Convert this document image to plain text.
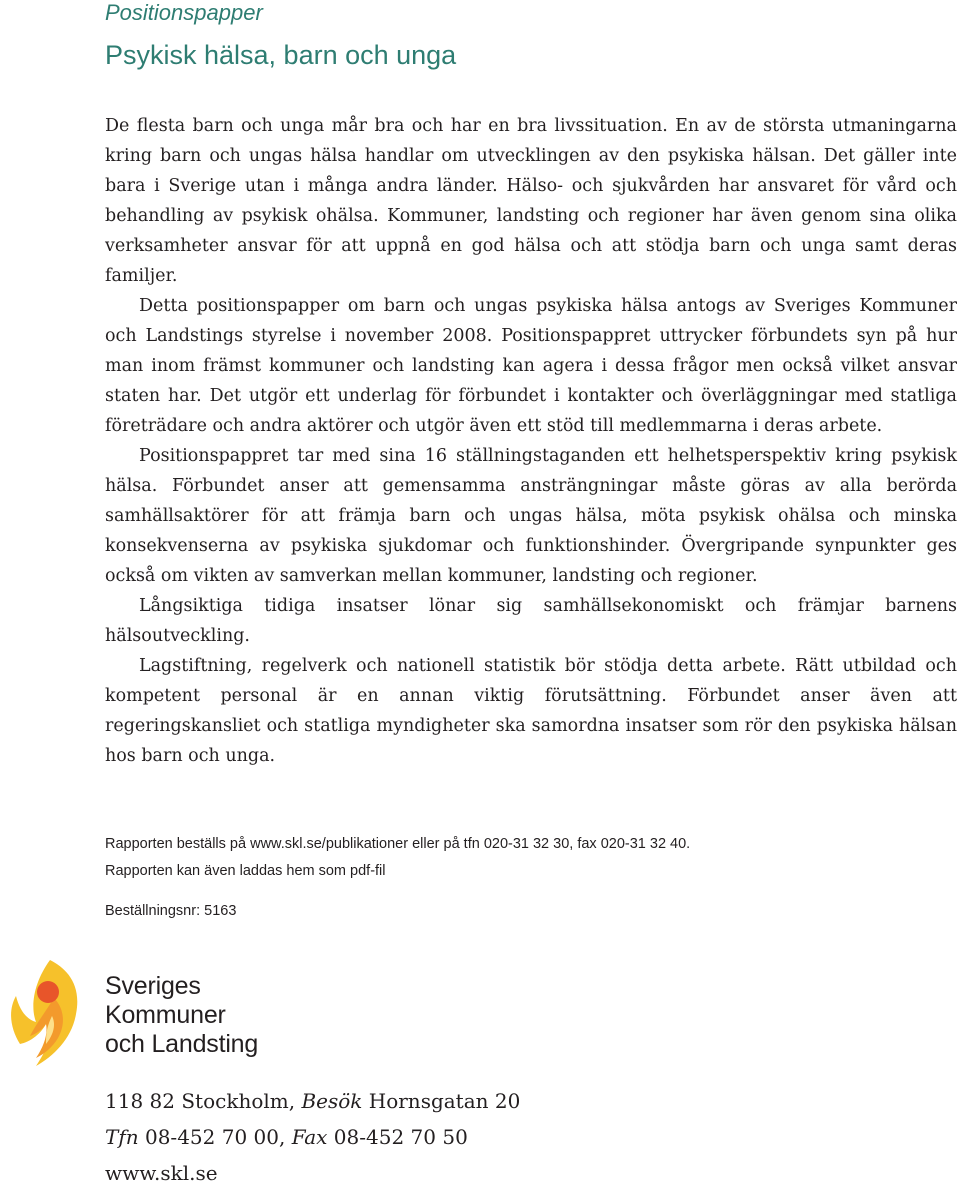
Positionspapper
Psykisk hälsa, barn och unga

De flesta barn och unga mår bra och har en bra livssituation. En av de största utmaningarna kring barn och ungas hälsa handlar om utvecklingen av den psykiska hälsan. Det gäller inte bara i Sverige utan i många andra länder. Hälso- och sjukvården har ansvaret för vård och behandling av psykisk ohälsa. Kommuner, landsting och regioner har även genom sina olika verksamheter ansvar för att uppnå en god hälsa och att stödja barn och unga samt deras familjer.

Detta positionspapper om barn och ungas psykiska hälsa antogs av Sveriges Kommuner och Landstings styrelse i november 2008. Positionspappret uttrycker förbundets syn på hur man inom främst kommuner och landsting kan agera i dessa frågor men också vilket ansvar staten har. Det utgör ett underlag för förbundet i kontakter och överläggningar med statliga företrädare och andra aktörer och utgör även ett stöd till medlemmarna i deras arbete.

Positionspappret tar med sina 16 ställningstaganden ett helhetsperspektiv kring psykisk hälsa. Förbundet anser att gemensamma ansträngningar måste göras av alla berörda samhällsaktörer för att främja barn och ungas hälsa, möta psykisk ohälsa och minska konsekvenserna av psykiska sjukdomar och funktionshinder. Övergripande synpunkter ges också om vikten av samverkan mellan kommuner, landsting och regioner.

Långsiktiga tidiga insatser lönar sig samhällsekonomiskt och främjar barnens hälsoutveckling.

Lagstiftning, regelverk och nationell statistik bör stödja detta arbete. Rätt utbildad och kompetent personal är en annan viktig förutsättning. Förbundet anser även att regeringskansliet och statliga myndigheter ska samordna insatser som rör den psykiska hälsan hos barn och unga.

Rapporten beställs på www.skl.se/publikationer eller på tfn 020-31 32 30, fax 020-31 32 40.
Rapporten kan även laddas hem som pdf-fil
Beställningsnr: 5163
Sveriges
Kommuner
och Landsting
118 82 Stockholm, Besök Hornsgatan 20
Tfn 08-452 70 00, Fax 08-452 70 50
www.skl.se
